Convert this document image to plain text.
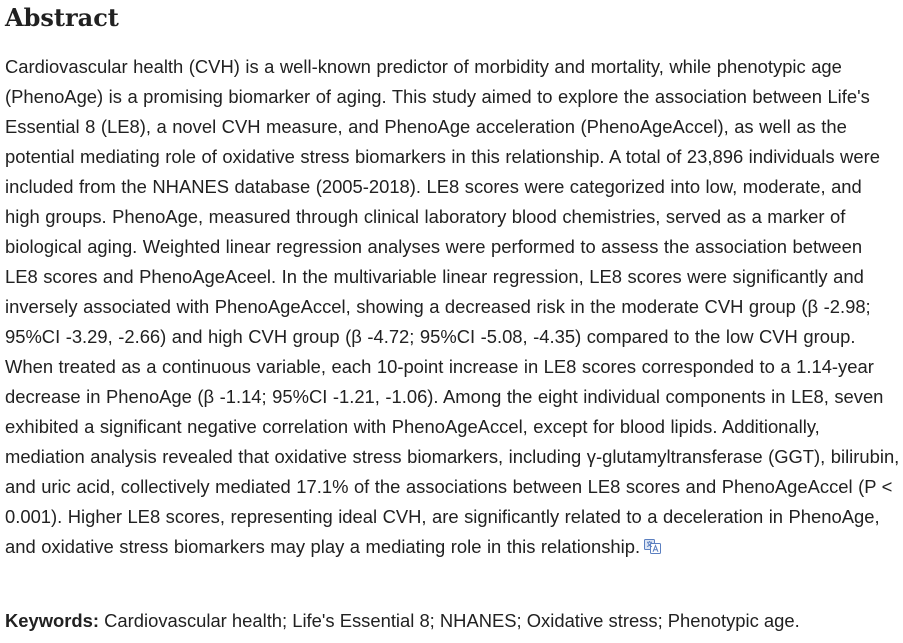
Abstract

Cardiovascular health (CVH) is a well-known predictor of morbidity and mortality, while phenotypic age (PhenoAge) is a promising biomarker of aging. This study aimed to explore the association between Life's Essential 8 (LE8), a novel CVH measure, and PhenoAge acceleration (PhenoAgeAccel), as well as the potential mediating role of oxidative stress biomarkers in this relationship. A total of 23,896 individuals were included from the NHANES database (2005-2018). LE8 scores were categorized into low, moderate, and high groups. PhenoAge, measured through clinical laboratory blood chemistries, served as a marker of biological aging. Weighted linear regression analyses were performed to assess the association between LE8 scores and PhenoAgeAceel. In the multivariable linear regression, LE8 scores were significantly and inversely associated with PhenoAgeAccel, showing a decreased risk in the moderate CVH group (β -2.98; 95%CI -3.29, -2.66) and high CVH group (β -4.72; 95%CI -5.08, -4.35) compared to the low CVH group. When treated as a continuous variable, each 10-point increase in LE8 scores corresponded to a 1.14-year decrease in PhenoAge (β -1.14; 95%CI -1.21, -1.06). Among the eight individual components in LE8, seven exhibited a significant negative correlation with PhenoAgeAccel, except for blood lipids. Additionally, mediation analysis revealed that oxidative stress biomarkers, including γ-glutamyltransferase (GGT), bilirubin, and uric acid, collectively mediated 17.1% of the associations between LE8 scores and PhenoAgeAccel (P < 0.001). Higher LE8 scores, representing ideal CVH, are significantly related to a deceleration in PhenoAge, and oxidative stress biomarkers may play a mediating role in this relationship.

Keywords: Cardiovascular health; Life's Essential 8; NHANES; Oxidative stress; Phenotypic age.
